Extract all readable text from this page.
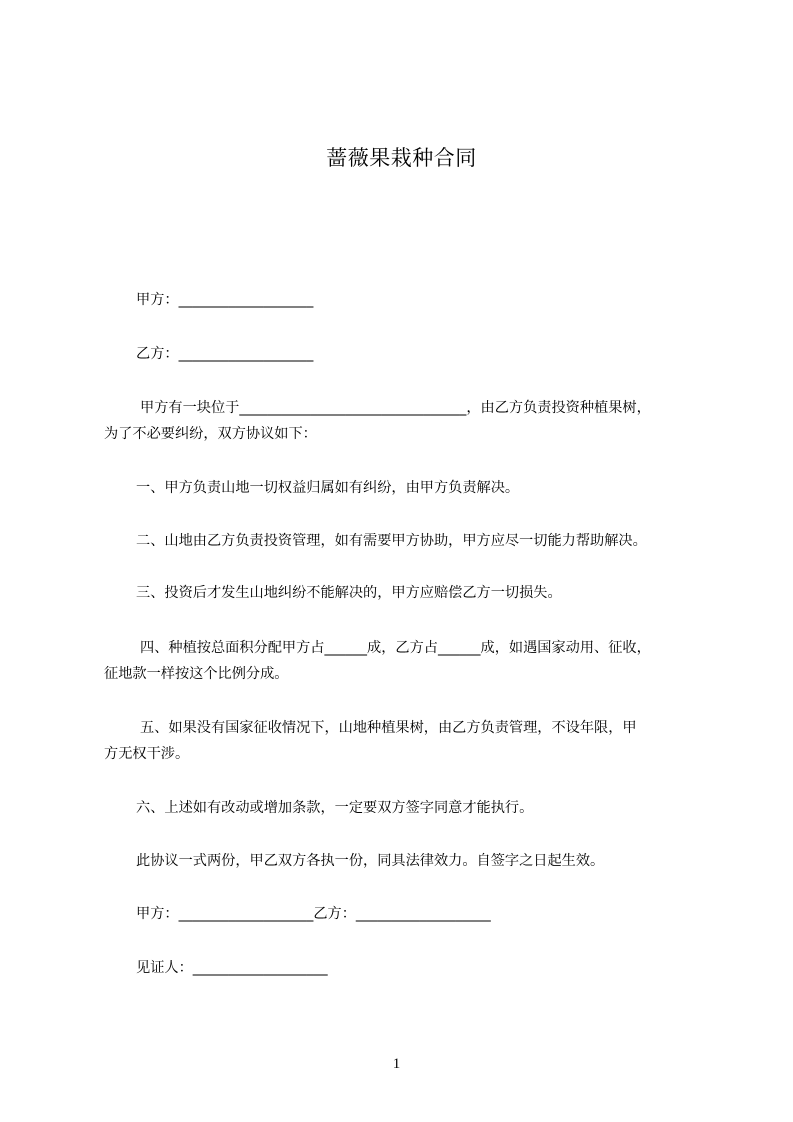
蔷薇果栽种合同
甲方：___________________
乙方：___________________
甲方有一块位于________________________________，由乙方负责投资种植果树，
为了不必要纠纷，双方协议如下：
一、甲方负责山地一切权益归属如有纠纷，由甲方负责解决。
二、山地由乙方负责投资管理，如有需要甲方协助，甲方应尽一切能力帮助解决。
三、投资后才发生山地纠纷不能解决的，甲方应赔偿乙方一切损失。
四、种植按总面积分配甲方占______成，乙方占______成，如遇国家动用、征收，
征地款一样按这个比例分成。
五、如果没有国家征收情况下，山地种植果树，由乙方负责管理，不设年限，甲
方无权干涉。
六、上述如有改动或增加条款，一定要双方签字同意才能执行。
此协议一式两份，甲乙双方各执一份，同具法律效力。自签字之日起生效。
甲方：___________________乙方：___________________
见证人：___________________
1
